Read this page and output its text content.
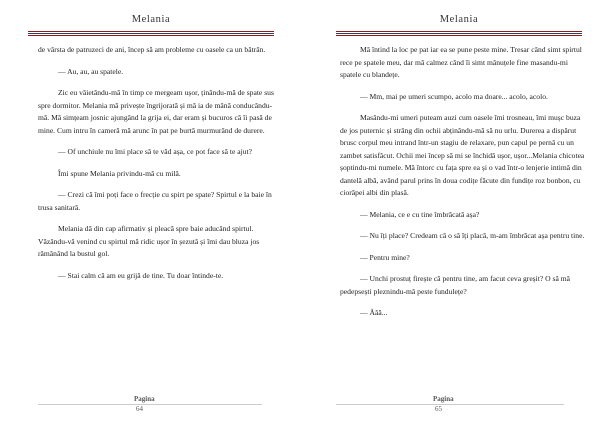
Melania

de vârsta de patruzeci de ani, încep să am probleme cu oasele ca un bătrân.

— Au, au, au spatele.

Zic eu văietându-mă în timp ce mergeam ușor, ținându-mă de spate sus spre dormitor. Melania mă privește îngrijorată și mă ia de mână conducându-mă. Mă simțeam josnic ajungând la grija ei, dar eram și bucuros că îi pasă de mine. Cum intru în cameră mă arunc în pat pe burtă murmurând de durere.

— Of unchiule nu îmi place să te văd așa, ce pot face să te ajut?

Îmi spune Melania privindu-mă cu milă.

— Crezi că îmi poți face o frecție cu spirt pe spate? Spirtul e la baie în trusa sanitară.

Melania dă din cap afirmativ și pleacă spre baie aducând spirtul. Văzându-vă venind cu spirtul mă ridic ușor în șezută și îmi dau bluza jos rămânând la bustul gol.

— Stai calm că am eu grijă de tine. Tu doar întinde-te.

Pagina
64
Melania

Mă întind la loc pe pat iar ea se pune peste mine. Tresar când simt spirtul rece pe spatele meu, dar mă calmez când îi simt mânuțele fine masandu-mi spatele cu blandețe.

— Mm, mai pe umeri scumpo, acolo ma doare... acolo, acolo.

Masându-mi umeri puteam auzi cum oasele îmi trosneau, îmi mușc buza de jos puternic și strâng din ochii abținându-mă să nu urlu. Durerea a dispărut brusc corpul meu intrand într-un stagiu de relaxare, pun capul pe pernă cu un zambet satisfăcut. Ochii mei încep să mi se închidă ușor, ușor...Melania chicotea șoptindu-mi numele. Mă întorc cu fața spre ea și o vad într-o lenjerie intimă din dantelă albă, având parul prins în doua codițe făcute din fundițe roz bonbon, cu ciorăpei albi din plasă.

— Melania, ce e cu tine îmbrăcată așa?

— Nu îți place? Credeam că o să îți placă, m-am îmbrăcat așa pentru tine.

— Pentru mine?

— Unchi prostuț firește că pentru tine, am facut ceva greșit? O să mă pedepsești pleznindu-mă peste fundulețe?

— Ăăă...

Pagina
65
